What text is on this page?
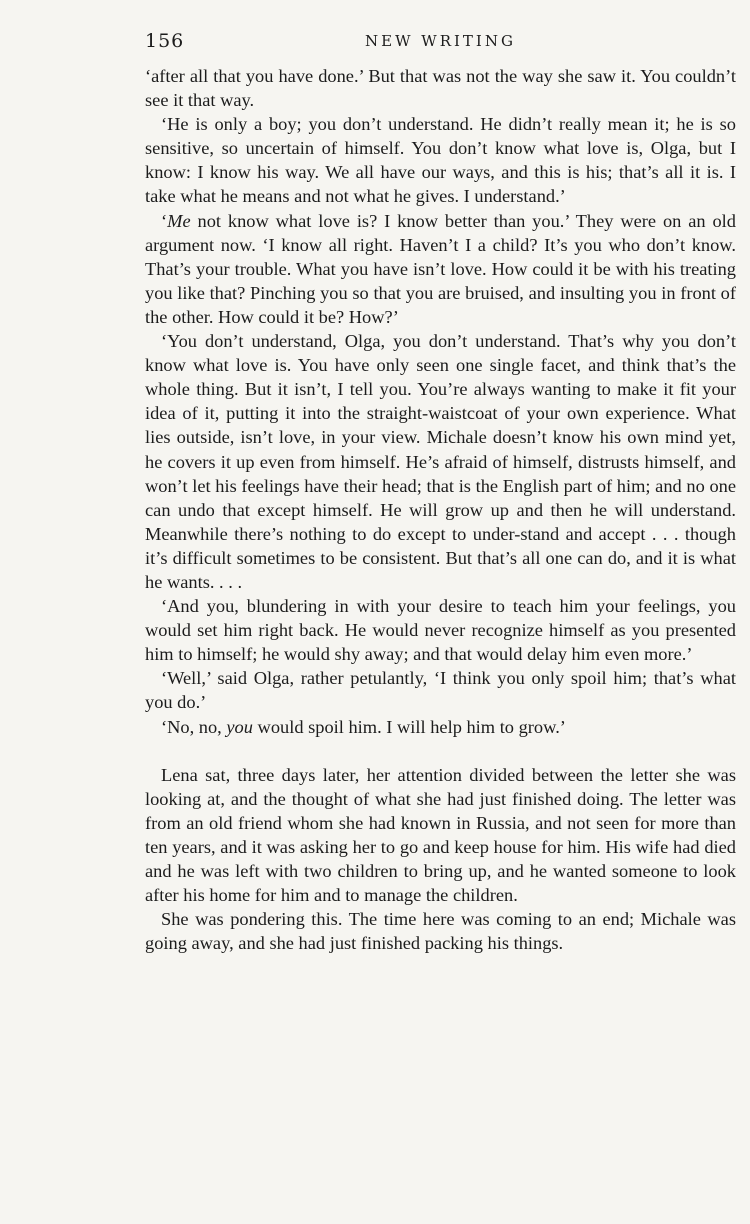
156	NEW WRITING

‘after all that you have done.’ But that was not the way she saw it. You couldn’t see it that way.

‘He is only a boy; you don’t understand. He didn’t really mean it; he is so sensitive, so uncertain of himself. You don’t know what love is, Olga, but I know: I know his way. We all have our ways, and this is his; that’s all it is. I take what he means and not what he gives. I understand.’

‘Me not know what love is? I know better than you.’ They were on an old argument now. ‘I know all right. Haven’t I a child? It’s you who don’t know. That’s your trouble. What you have isn’t love. How could it be with his treating you like that? Pinching you so that you are bruised, and insulting you in front of the other. How could it be? How?’

‘You don’t understand, Olga, you don’t understand. That’s why you don’t know what love is. You have only seen one single facet, and think that’s the whole thing. But it isn’t, I tell you. You’re always wanting to make it fit your idea of it, putting it into the straight-waistcoat of your own experience. What lies outside, isn’t love, in your view. Michale doesn’t know his own mind yet, he covers it up even from himself. He’s afraid of himself, distrusts himself, and won’t let his feelings have their head; that is the English part of him; and no one can undo that except himself. He will grow up and then he will understand. Meanwhile there’s nothing to do except to under-stand and accept . . . though it’s difficult sometimes to be consistent. But that’s all one can do, and it is what he wants. . . .

‘And you, blundering in with your desire to teach him your feelings, you would set him right back. He would never recognize himself as you presented him to himself; he would shy away; and that would delay him even more.’

‘Well,’ said Olga, rather petulantly, ‘I think you only spoil him; that’s what you do.’

‘No, no, you would spoil him. I will help him to grow.’

Lena sat, three days later, her attention divided between the letter she was looking at, and the thought of what she had just finished doing. The letter was from an old friend whom she had known in Russia, and not seen for more than ten years, and it was asking her to go and keep house for him. His wife had died and he was left with two children to bring up, and he wanted someone to look after his home for him and to manage the children.

She was pondering this. The time here was coming to an end; Michale was going away, and she had just finished packing his things.
